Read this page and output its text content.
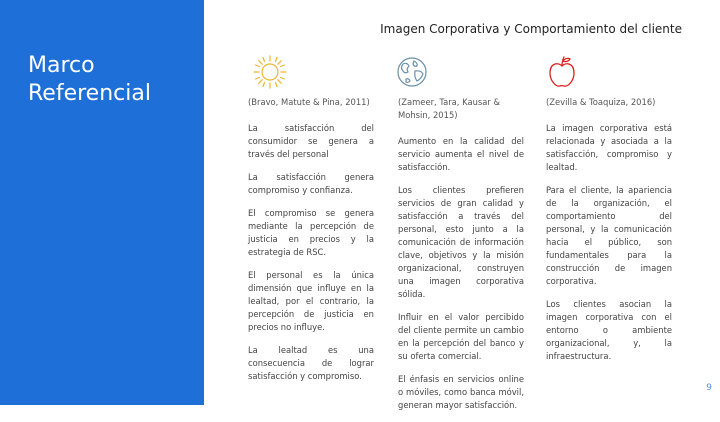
Marco Referencial
Imagen Corporativa y Comportamiento del cliente
(Bravo, Matute & Pina, 2011)

La satisfacción del consumidor se genera a través del personal

La satisfacción genera compromiso y confianza.

El compromiso se genera mediante la percepción de justicia en precios y la estrategia de RSC.

El personal es la única dimensión que influye en la lealtad, por el contrario, la percepción de justicia en precios no influye.

La lealtad es una consecuencia de lograr satisfacción y compromiso.

(Zameer, Tara, Kausar & Mohsin, 2015)

Aumento en la calidad del servicio aumenta el nivel de satisfacción.

Los clientes prefieren servicios de gran calidad y satisfacción a través del personal, esto junto a la comunicación de información clave, objetivos y la misión organizacional, construyen una imagen corporativa sólida.

Influir en el valor percibido del cliente permite un cambio en la percepción del banco y su oferta comercial.

El énfasis en servicios online o móviles, como banca móvil, generan mayor satisfacción.

(Zevilla & Toaquiza, 2016)

La imagen corporativa está relacionada y asociada a la satisfacción, compromiso y lealtad.

Para el cliente, la apariencia de la organización, el comportamiento del personal, y la comunicación hacia el público, son fundamentales para la construcción de imagen corporativa.

Los clientes asocian la imagen corporativa con el entorno o ambiente organizacional, y, la infraestructura.

9
